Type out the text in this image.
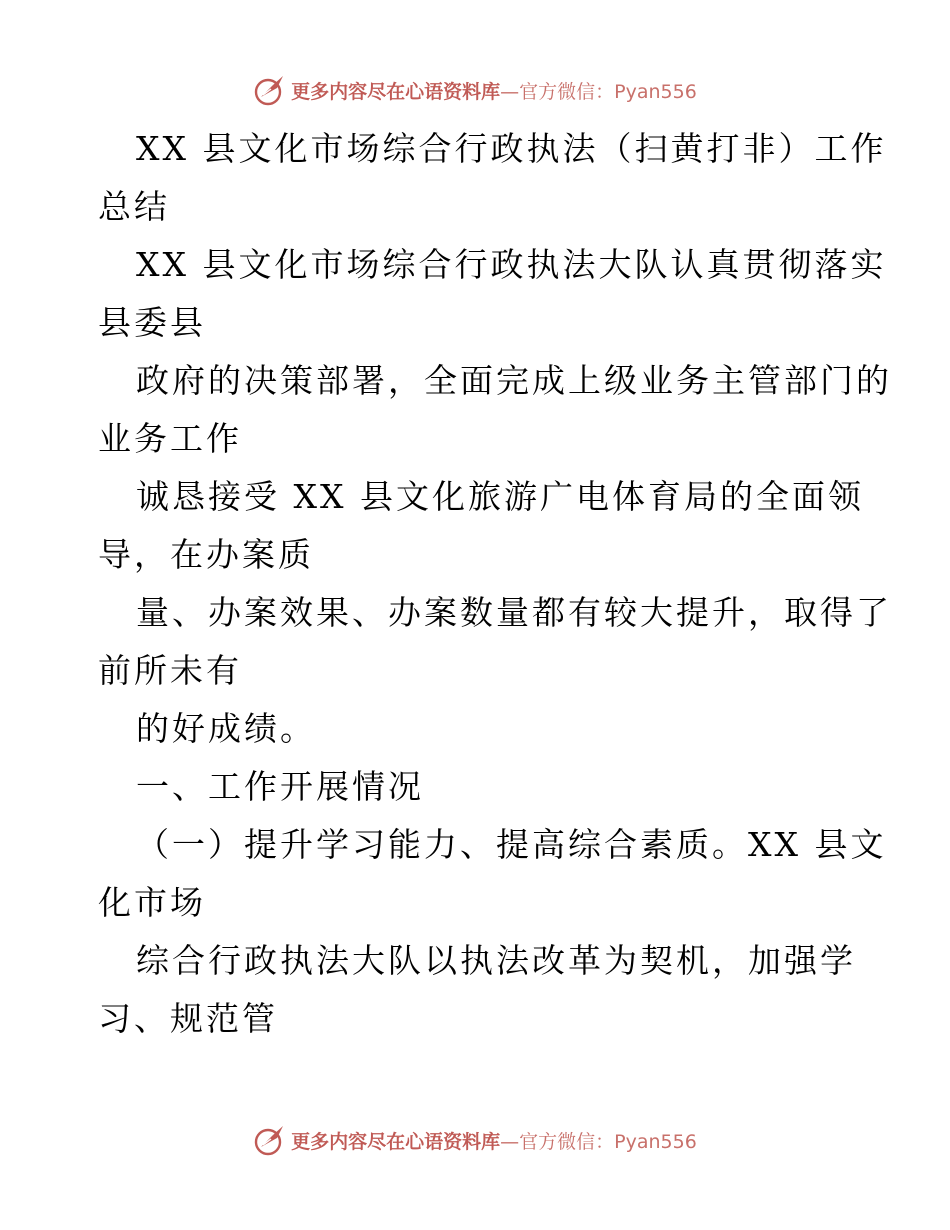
更多内容尽在心语资料库—官方微信：Pyan556
XX 县文化市场综合行政执法（扫黄打非）工作
总结
XX 县文化市场综合行政执法大队认真贯彻落实
县委县
政府的决策部署，全面完成上级业务主管部门的
业务工作
诚恳接受 XX 县文化旅游广电体育局的全面领
导，在办案质
量、办案效果、办案数量都有较大提升，取得了
前所未有
的好成绩。
一、工作开展情况
（一）提升学习能力、提高综合素质。XX 县文
化市场
综合行政执法大队以执法改革为契机，加强学
习、规范管
更多内容尽在心语资料库—官方微信：Pyan556
